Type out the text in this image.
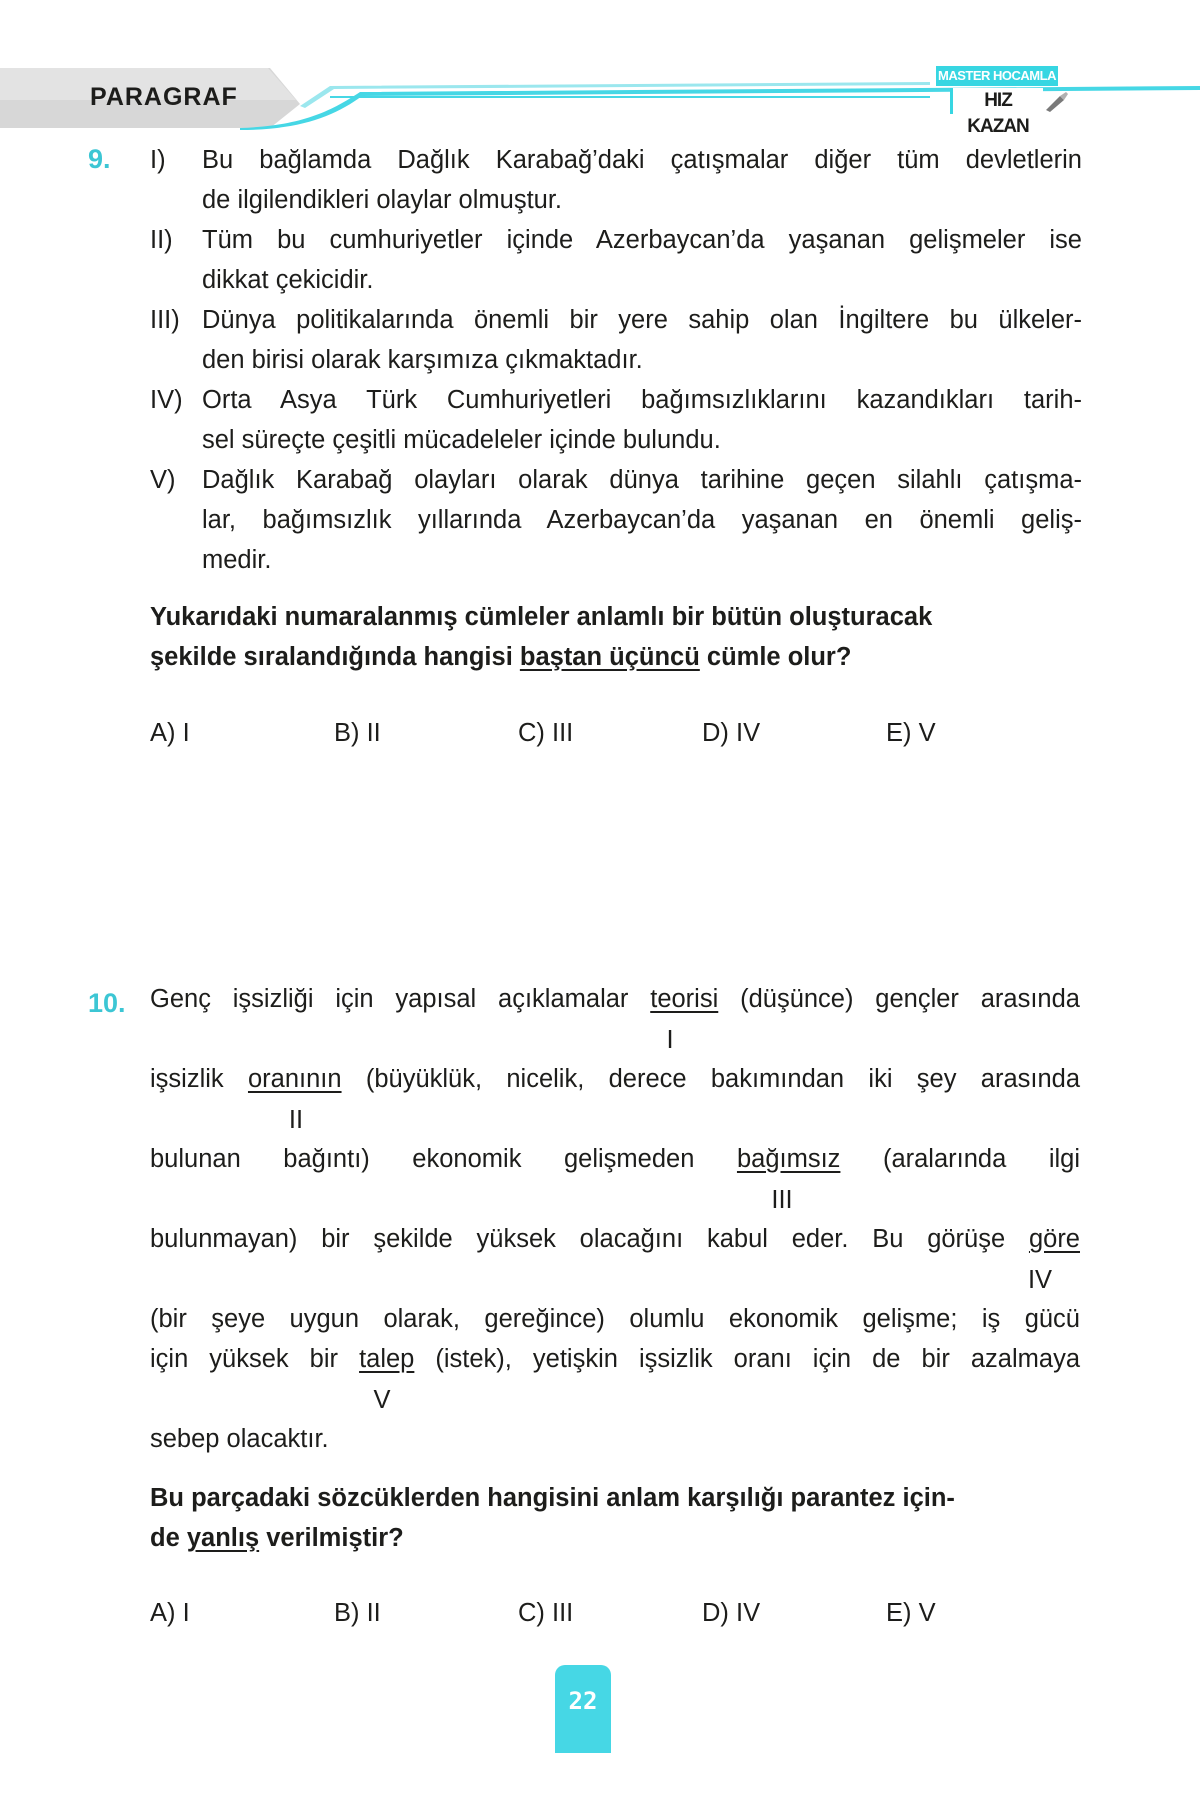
PARAGRAF
MASTER HOCAMLA
HIZ KAZAN
9. I) Bu bağlamda Dağlık Karabağ’daki çatışmalar diğer tüm devletlerin
de ilgilendikleri olaylar olmuştur.
II) Tüm bu cumhuriyetler içinde Azerbaycan’da yaşanan gelişmeler ise
dikkat çekicidir.
III) Dünya politikalarında önemli bir yere sahip olan İngiltere bu ülkeler-
den birisi olarak karşımıza çıkmaktadır.
IV) Orta Asya Türk Cumhuriyetleri bağımsızlıklarını kazandıkları tarih-
sel süreçte çeşitli mücadeleler içinde bulundu.
V) Dağlık Karabağ olayları olarak dünya tarihine geçen silahlı çatışma-
lar, bağımsızlık yıllarında Azerbaycan’da yaşanan en önemli geliş-
medir.
Yukarıdaki numaralanmış cümleler anlamlı bir bütün oluşturacak
şekilde sıralandığında hangisi baştan üçüncü cümle olur?
A) I	B) II	C) III	D) IV	E) V
10. Genç işsizliği için yapısal açıklamalar teorisi (düşünce) gençler arasında
I
işsizlik oranının (büyüklük, nicelik, derece bakımından iki şey arasında
II
bulunan bağıntı) ekonomik gelişmeden bağımsız (aralarında ilgi
III
bulunmayan) bir şekilde yüksek olacağını kabul eder. Bu görüşe göre
IV
(bir şeye uygun olarak, gereğince) olumlu ekonomik gelişme; iş gücü
için yüksek bir talep (istek), yetişkin işsizlik oranı için de bir azalmaya
V
sebep olacaktır.
Bu parçadaki sözcüklerden hangisini anlam karşılığı parantez için-
de yanlış verilmiştir?
A) I	B) II	C) III	D) IV	E) V
22
